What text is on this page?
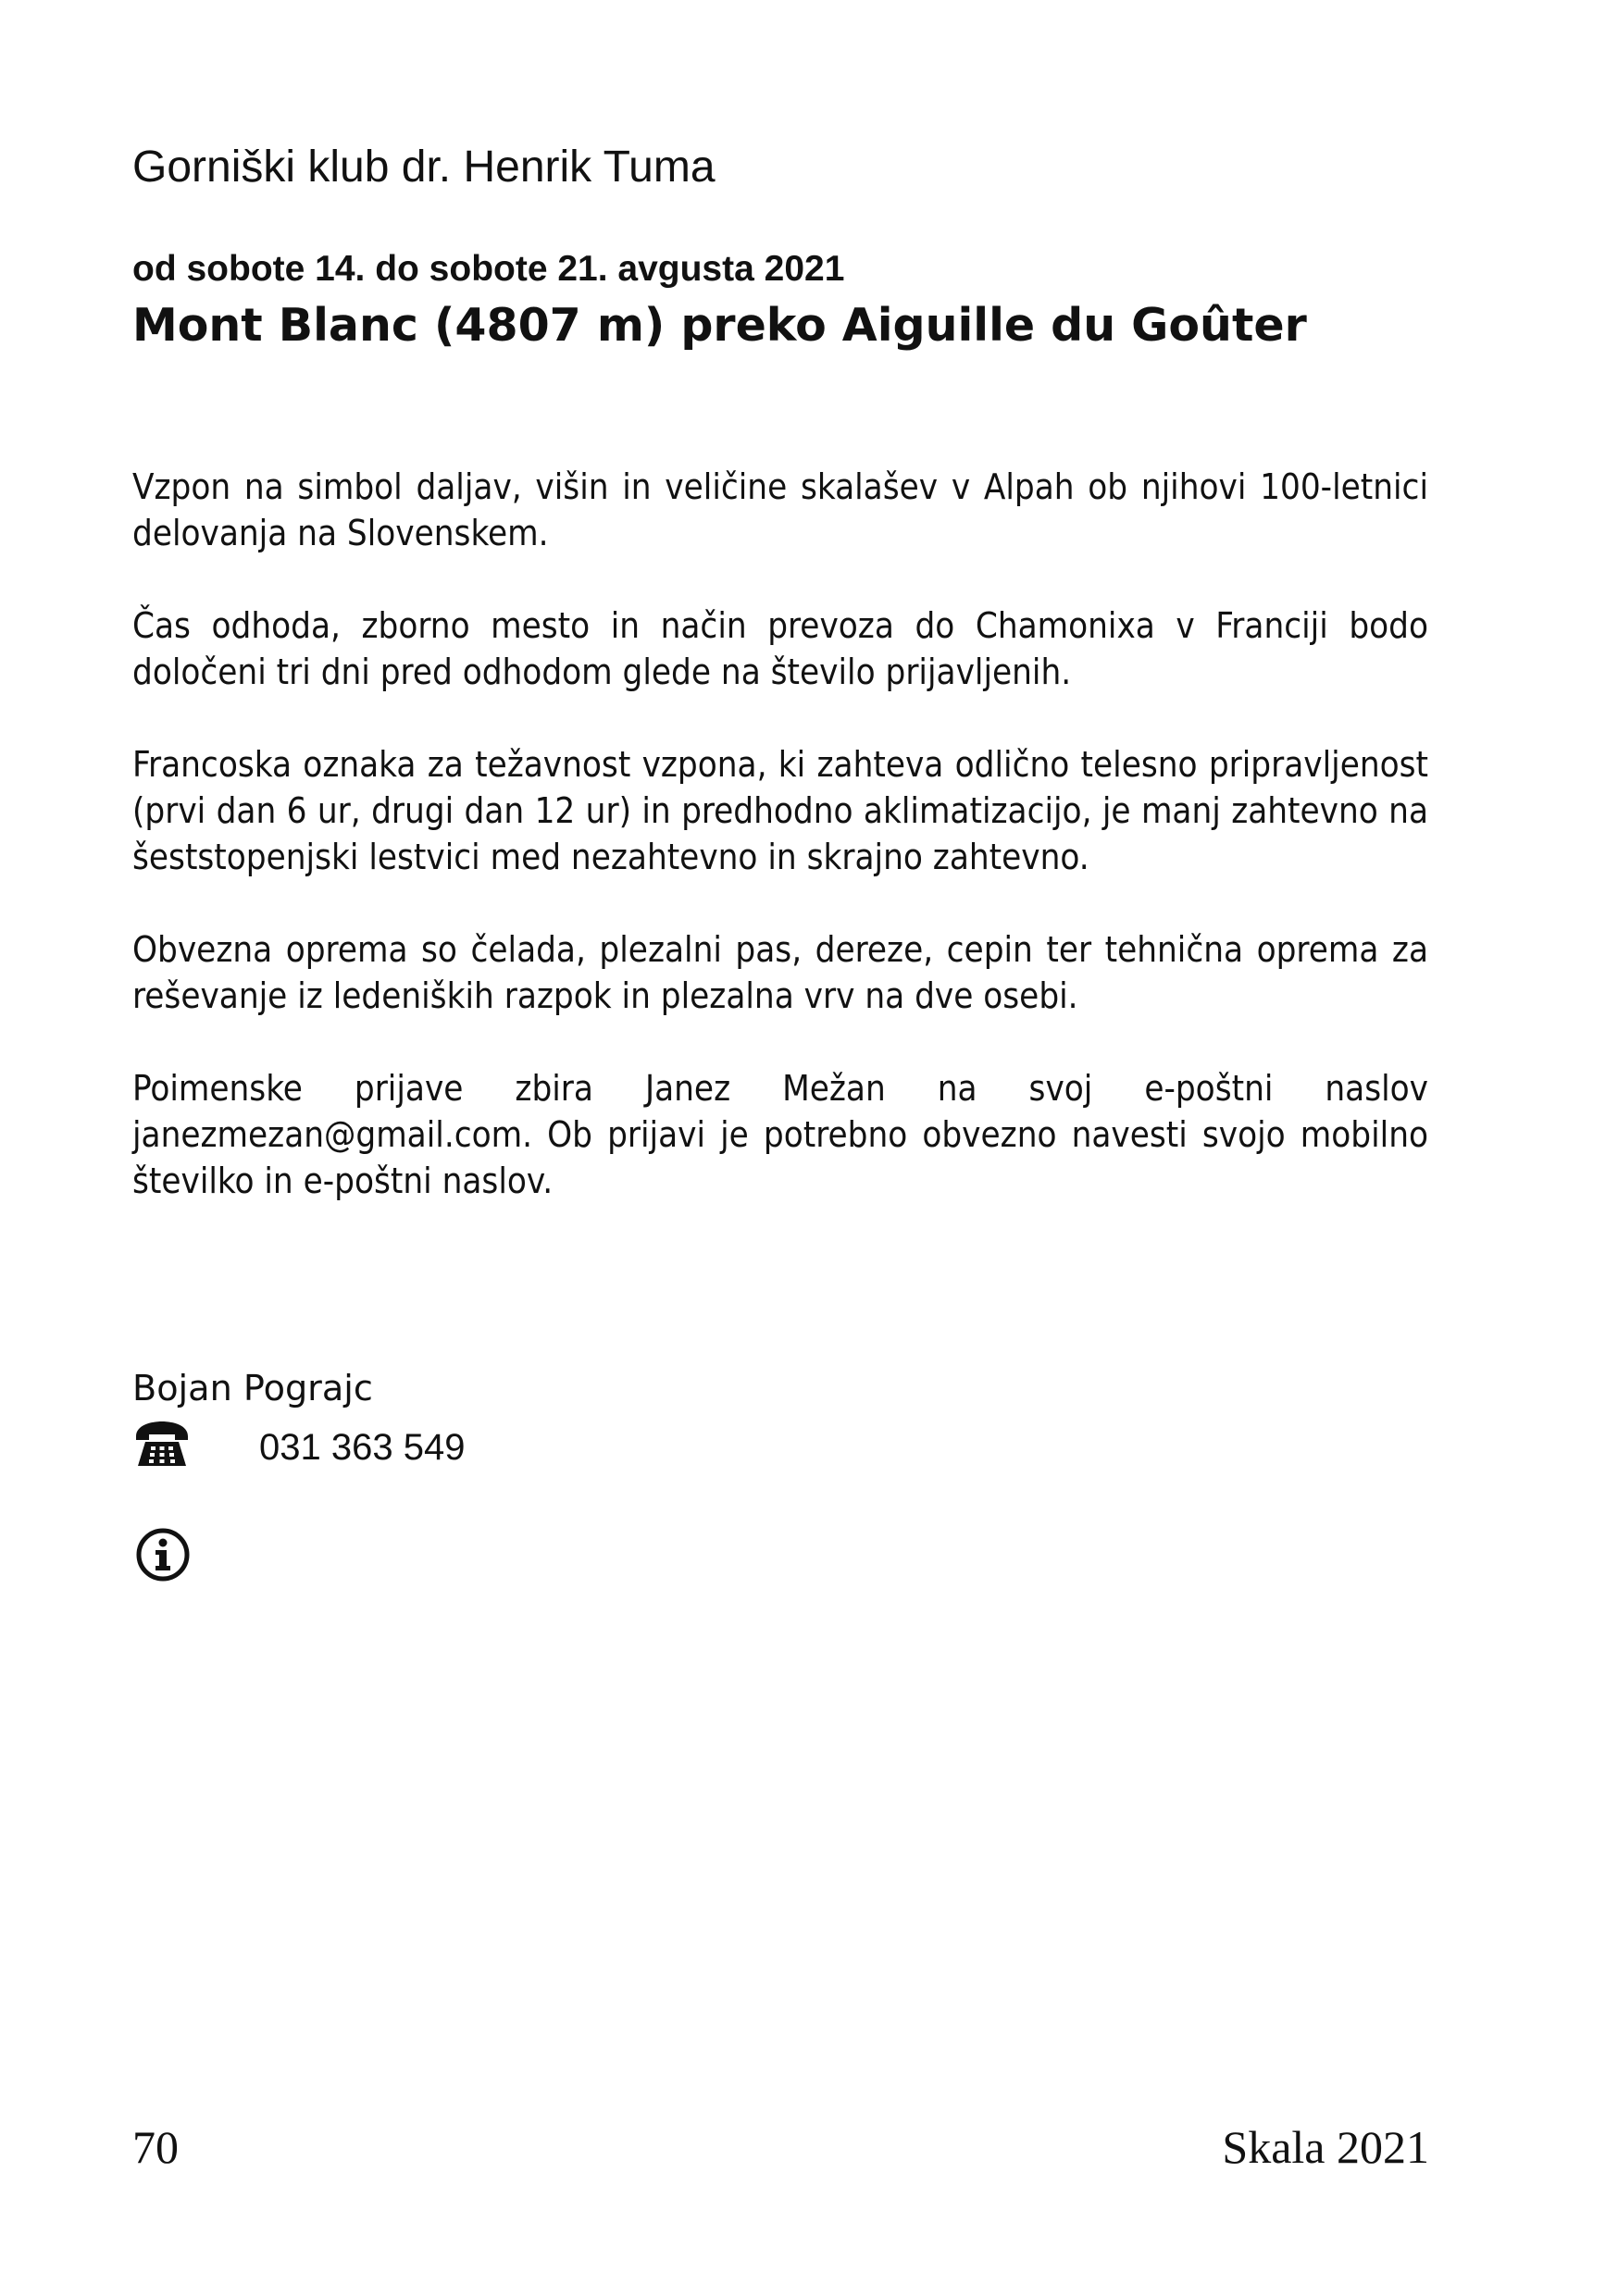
Gorniški klub dr. Henrik Tuma
od sobote 14. do sobote 21. avgusta 2021
Mont Blanc (4807 m) preko Aiguille du Goûter

Vzpon na simbol daljav, višin in veličine skalašev v Alpah ob njihovi 100-letnici delovanja na Slovenskem.

Čas odhoda, zborno mesto in način prevoza do Chamonixa v Franciji bodo določeni tri dni pred odhodom glede na število prijavljenih.

Francoska oznaka za težavnost vzpona, ki zahteva odlično telesno pripravljenost (prvi dan 6 ur, drugi dan 12 ur) in predhodno aklimatizacijo, je manj zahtevno na šeststopenjski lestvici med nezahtevno in skrajno zahtevno.

Obvezna oprema so čelada, plezalni pas, dereze, cepin ter tehnična oprema za reševanje iz ledeniških razpok in plezalna vrv na dve osebi.

Poimenske prijave zbira Janez Mežan na svoj e-poštni naslov janezmezan@gmail.com. Ob prijavi je potrebno obvezno navesti svojo mobilno številko in e-poštni naslov.

Bojan Pograjc
031 363 549
70	Skala 2021
